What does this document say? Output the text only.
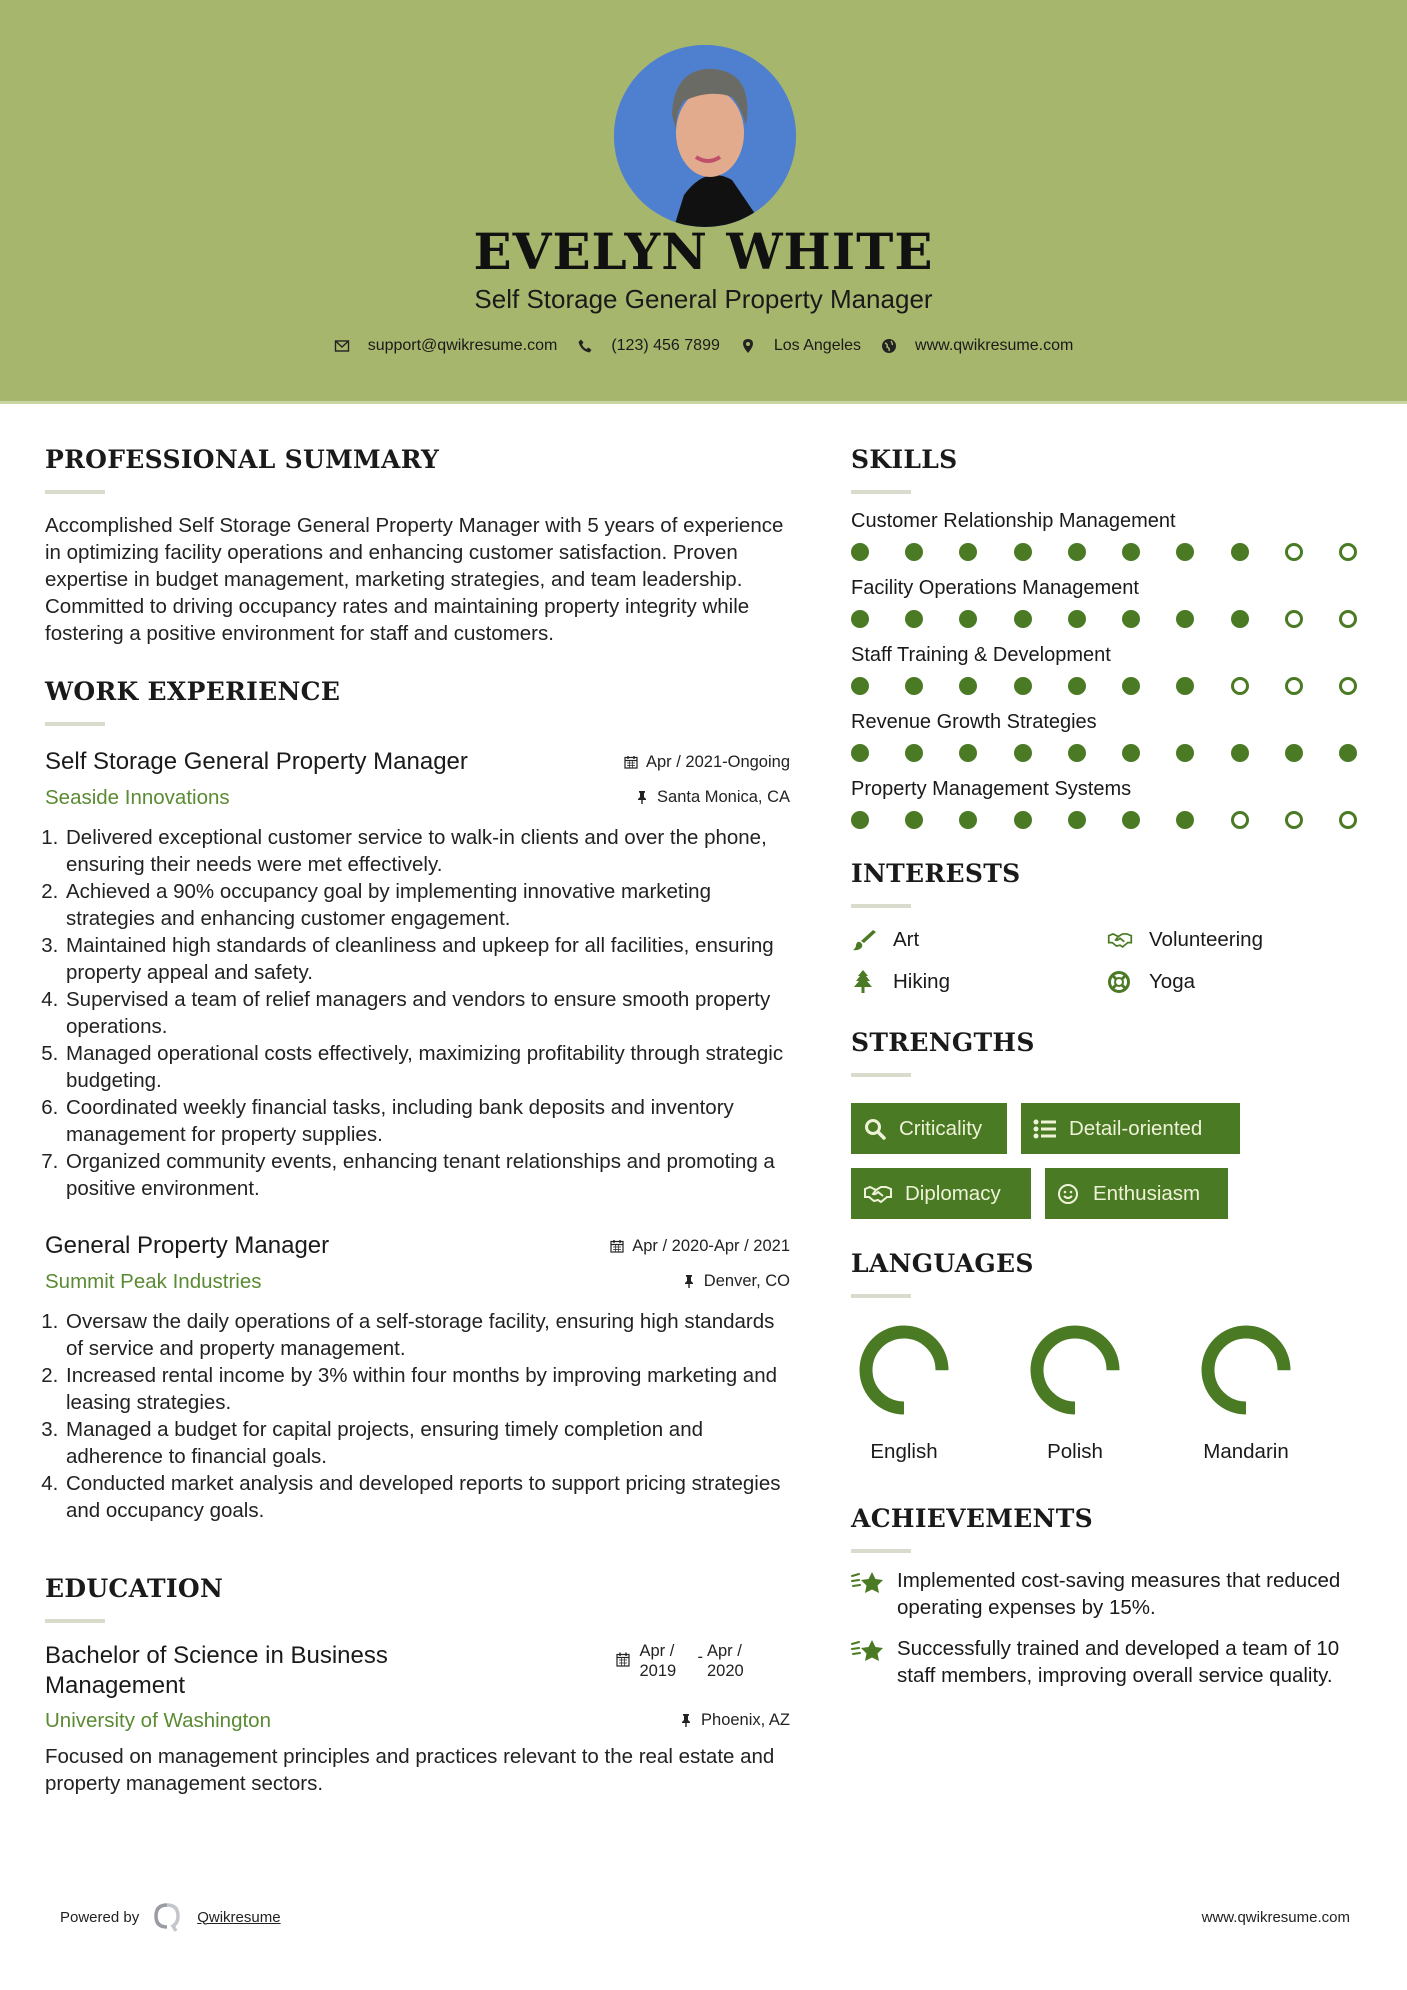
EVELYN WHITE
Self Storage General Property Manager
support@qwikresume.com	(123) 456 7899	Los Angeles	www.qwikresume.com
PROFESSIONAL SUMMARY

Accomplished Self Storage General Property Manager with 5 years of experience in optimizing facility operations and enhancing customer satisfaction. Proven expertise in budget management, marketing strategies, and team leadership. Committed to driving occupancy rates and maintaining property integrity while fostering a positive environment for staff and customers.

WORK EXPERIENCE
Self Storage General Property Manager	Apr / 2021-Ongoing
Seaside Innovations	Santa Monica, CA
1. Delivered exceptional customer service to walk-in clients and over the phone, ensuring their needs were met effectively.
2. Achieved a 90% occupancy goal by implementing innovative marketing strategies and enhancing customer engagement.
3. Maintained high standards of cleanliness and upkeep for all facilities, ensuring property appeal and safety.
4. Supervised a team of relief managers and vendors to ensure smooth property operations.
5. Managed operational costs effectively, maximizing profitability through strategic budgeting.
6. Coordinated weekly financial tasks, including bank deposits and inventory management for property supplies.
7. Organized community events, enhancing tenant relationships and promoting a positive environment.
General Property Manager	Apr / 2020-Apr / 2021
Summit Peak Industries	Denver, CO
1. Oversaw the daily operations of a self-storage facility, ensuring high standards of service and property management.
2. Increased rental income by 3% within four months by improving marketing and leasing strategies.
3. Managed a budget for capital projects, ensuring timely completion and adherence to financial goals.
4. Conducted market analysis and developed reports to support pricing strategies and occupancy goals.
EDUCATION
Bachelor of Science in Business Management
Apr / 2019
- Apr / 2020
University of Washington	Phoenix, AZ

Focused on management principles and practices relevant to the real estate and property management sectors.

SKILLS
Customer Relationship Management
Facility Operations Management
Staff Training & Development
Revenue Growth Strategies
Property Management Systems
INTERESTS
Art	Volunteering
Hiking	Yoga
STRENGTHS
Criticality	Detail-oriented
Diplomacy	Enthusiasm
LANGUAGES
English	Polish	Mandarin
ACHIEVEMENTS
Implemented cost-saving measures that reduced operating expenses by 15%.
Successfully trained and developed a team of 10 staff members, improving overall service quality.
Powered by	Qwikresume	www.qwikresume.com
